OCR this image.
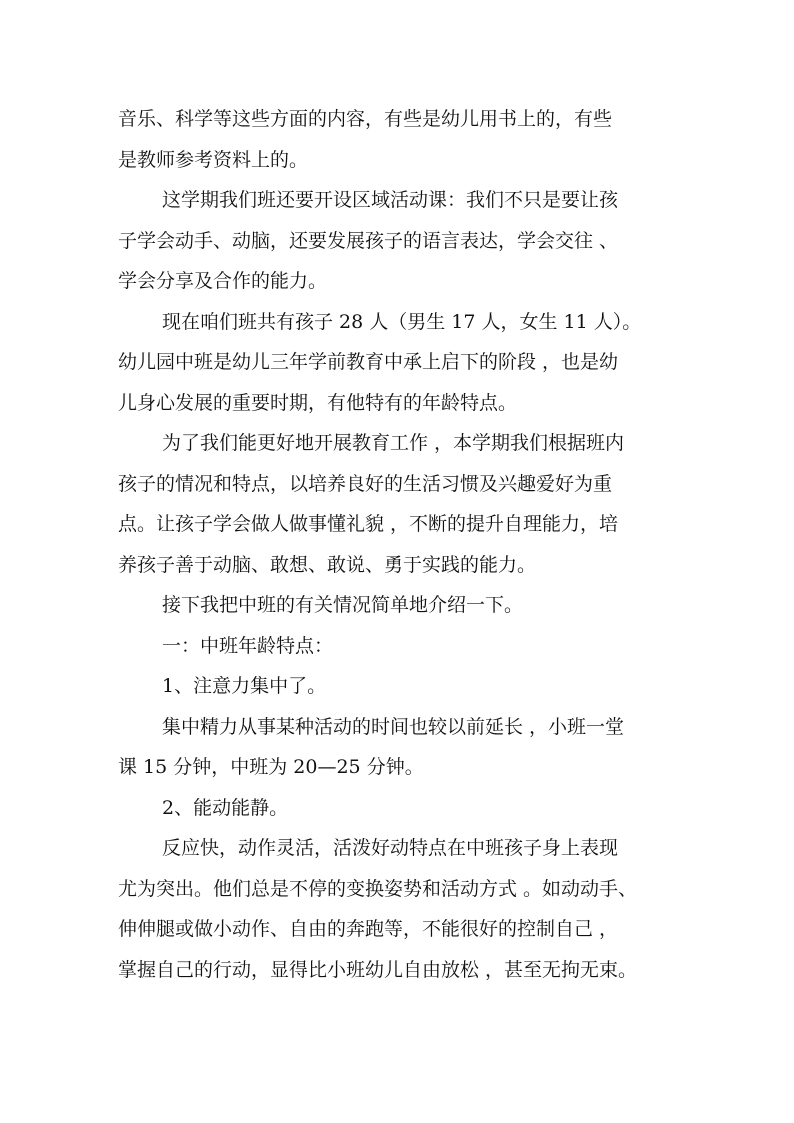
音乐、科学等这些方面的内容，有些是幼儿用书上的，有些
是教师参考资料上的。
这学期我们班还要开设区域活动课：我们不只是要让孩
子学会动手、动脑，还要发展孩子的语言表达，学会交往 、
学会分享及合作的能力。
现在咱们班共有孩子 28 人（男生 17 人，女生 11 人）。
幼儿园中班是幼儿三年学前教育中承上启下的阶段 ，也是幼
儿身心发展的重要时期，有他特有的年龄特点。
为了我们能更好地开展教育工作 ，本学期我们根据班内
孩子的情况和特点，以培养良好的生活习惯及兴趣爱好为重
点。让孩子学会做人做事懂礼貌 ，不断的提升自理能力，培
养孩子善于动脑、敢想、敢说、勇于实践的能力。
接下我把中班的有关情况简单地介绍一下。
一：中班年龄特点：
1、注意力集中了。
集中精力从事某种活动的时间也较以前延长 ，小班一堂
课 15 分钟，中班为 20—25 分钟。
2、能动能静。
反应快，动作灵活，活泼好动特点在中班孩子身上表现
尤为突出。他们总是不停的变换姿势和活动方式 。如动动手、
伸伸腿或做小动作、自由的奔跑等，不能很好的控制自己 ，
掌握自己的行动，显得比小班幼儿自由放松 ，甚至无拘无束。
